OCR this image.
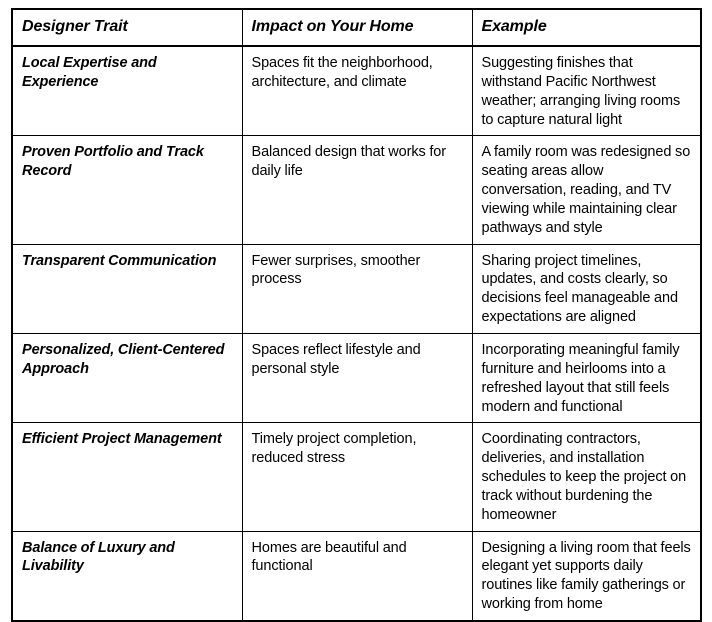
Designer Trait	Impact on Your Home	Example

Local Expertise and Experience	Spaces fit the neighborhood, architecture, and climate	Suggesting finishes that withstand Pacific Northwest weather; arranging living rooms to capture natural light

Proven Portfolio and Track Record	Balanced design that works for daily life	A family room was redesigned so seating areas allow conversation, reading, and TV viewing while maintaining clear pathways and style

Transparent Communication	Fewer surprises, smoother process	Sharing project timelines, updates, and costs clearly, so decisions feel manageable and expectations are aligned

Personalized, Client-Centered Approach	Spaces reflect lifestyle and personal style	Incorporating meaningful family furniture and heirlooms into a refreshed layout that still feels modern and functional

Efficient Project Management	Timely project completion, reduced stress	Coordinating contractors, deliveries, and installation schedules to keep the project on track without burdening the homeowner

Balance of Luxury and Livability	Homes are beautiful and functional	Designing a living room that feels elegant yet supports daily routines like family gatherings or working from home
